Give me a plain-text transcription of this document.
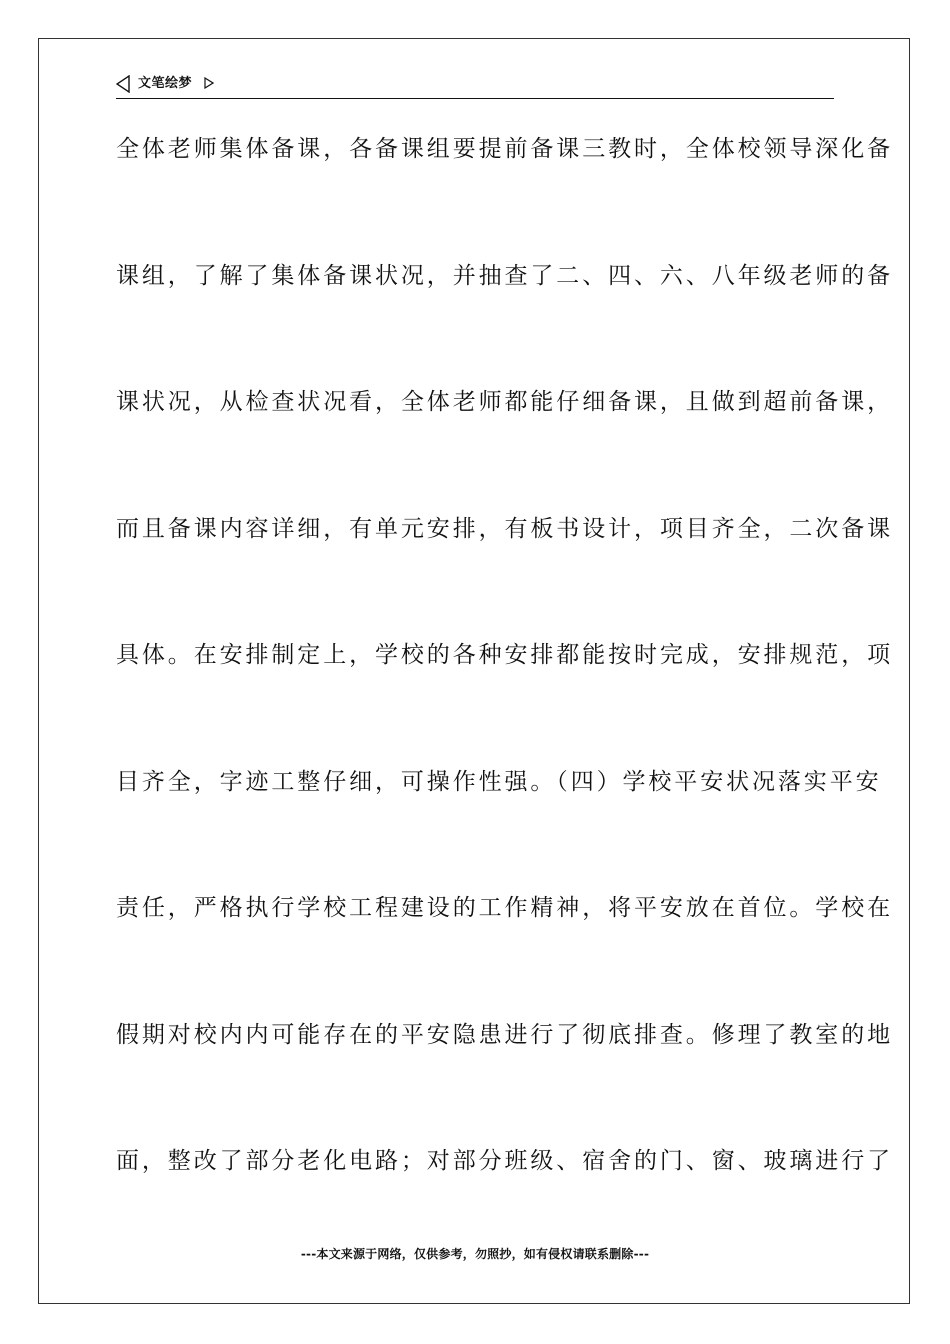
文笔绘梦
全体老师集体备课，各备课组要提前备课三教时，全体校领导深化备
课组，了解了集体备课状况，并抽查了二、四、六、八年级老师的备
课状况，从检查状况看，全体老师都能仔细备课，且做到超前备课，
而且备课内容详细，有单元安排，有板书设计，项目齐全，二次备课
具体。在安排制定上，学校的各种安排都能按时完成，安排规范，项
目齐全，字迹工整仔细，可操作性强。（四）学校平安状况落实平安
责任，严格执行学校工程建设的工作精神，将平安放在首位。学校在
假期对校内内可能存在的平安隐患进行了彻底排查。修理了教室的地
面，整改了部分老化电路；对部分班级、宿舍的门、窗、玻璃进行了
---本文来源于网络，仅供参考，勿照抄，如有侵权请联系删除---
